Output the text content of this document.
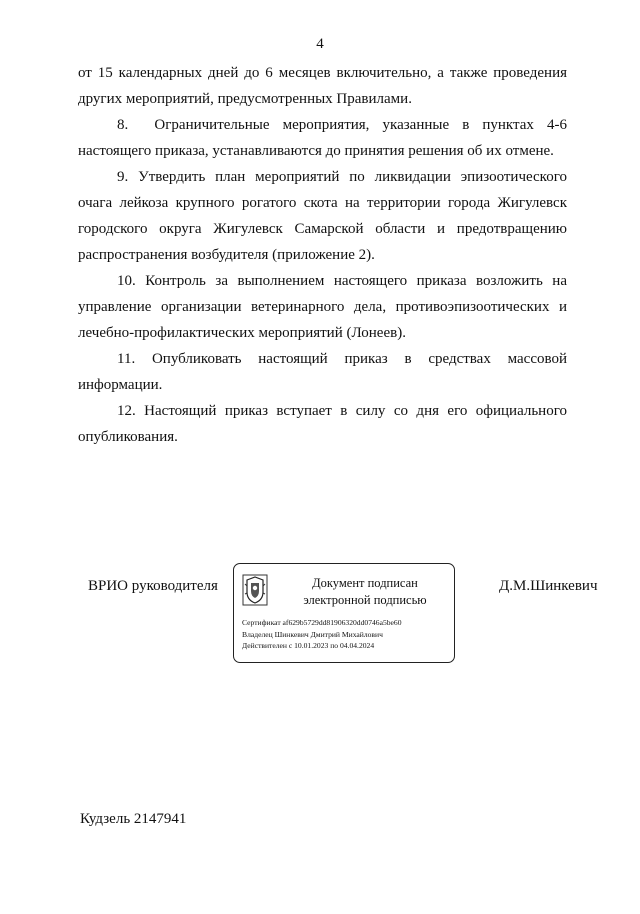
4

от 15 календарных дней до 6 месяцев включительно, а также проведения других мероприятий, предусмотренных Правилами.

8.  Ограничительные мероприятия, указанные в пунктах 4-6 настоящего приказа, устанавливаются до принятия решения об их отмене.

9. Утвердить план мероприятий по ликвидации эпизоотического очага лейкоза крупного рогатого скота на территории города Жигулевск городского округа Жигулевск Самарской области и предотвращению распространения возбудителя (приложение 2).

10. Контроль за выполнением настоящего приказа возложить на управление организации ветеринарного дела, противоэпизоотических и лечебно-профилактических мероприятий (Лонеев).

11. Опубликовать настоящий приказ в средствах массовой информации.

12. Настоящий приказ вступает в силу со дня его официального опубликования.

ВРИО руководителя	Документ подписан
электронной подписью
Сертификат af629b5729dd81906320dd0746a5be60
Владелец Шинкевич Дмитрий Михайлович
Действителен с 10.01.2023 по 04.04.2024
Д.М.Шинкевич
Кудзель 2147941
